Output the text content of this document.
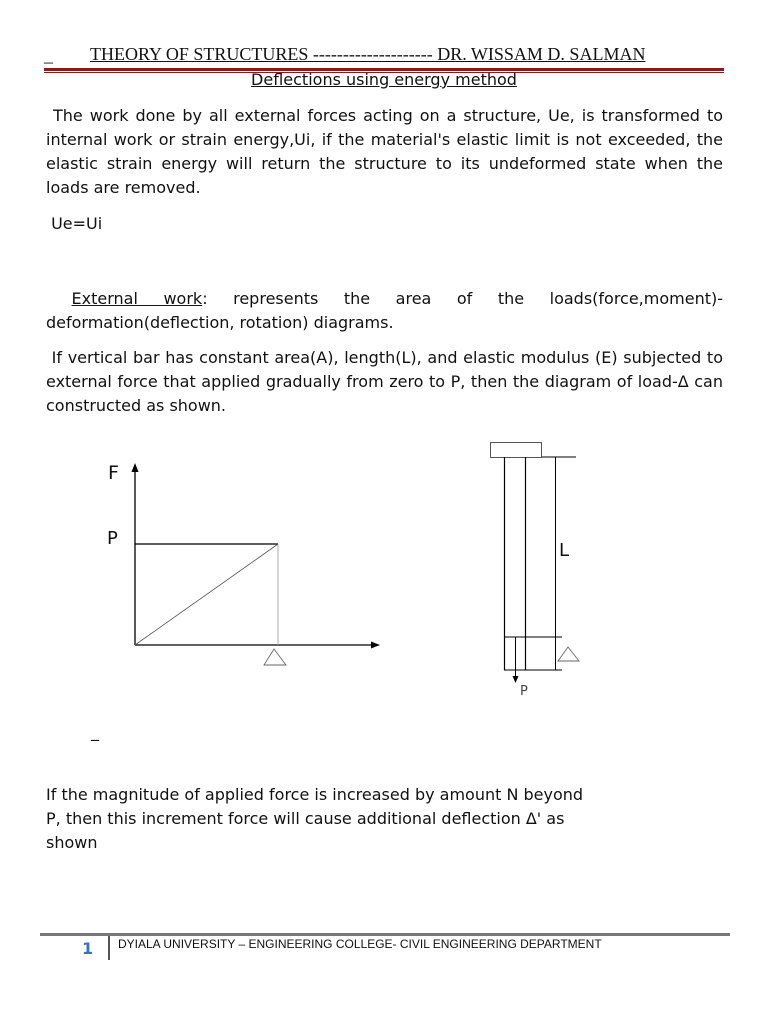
_ THEORY OF STRUCTURES -------------------- DR. WISSAM D. SALMAN
Deflections using energy method
The work done by all external forces acting on a structure, Ue, is transformed to internal work or strain energy,Ui, if the material's elastic limit is not exceeded, the elastic strain energy will return the structure to its undeformed state when the loads are removed.
Ue=Ui
External work: represents the area of the loads(force,moment)-deformation(deflection, rotation) diagrams.
If vertical bar has constant area(A), length(L), and elastic modulus (E) subjected to external force that applied gradually from zero to P, then the diagram of load-Δ can constructed as shown.
F
P
L
P
_
If the magnitude of applied force is increased by amount N beyond P, then this increment force will cause additional deflection Δ' as shown
1 DYIALA UNIVERSITY – ENGINEERING COLLEGE- CIVIL ENGINEERING DEPARTMENT
